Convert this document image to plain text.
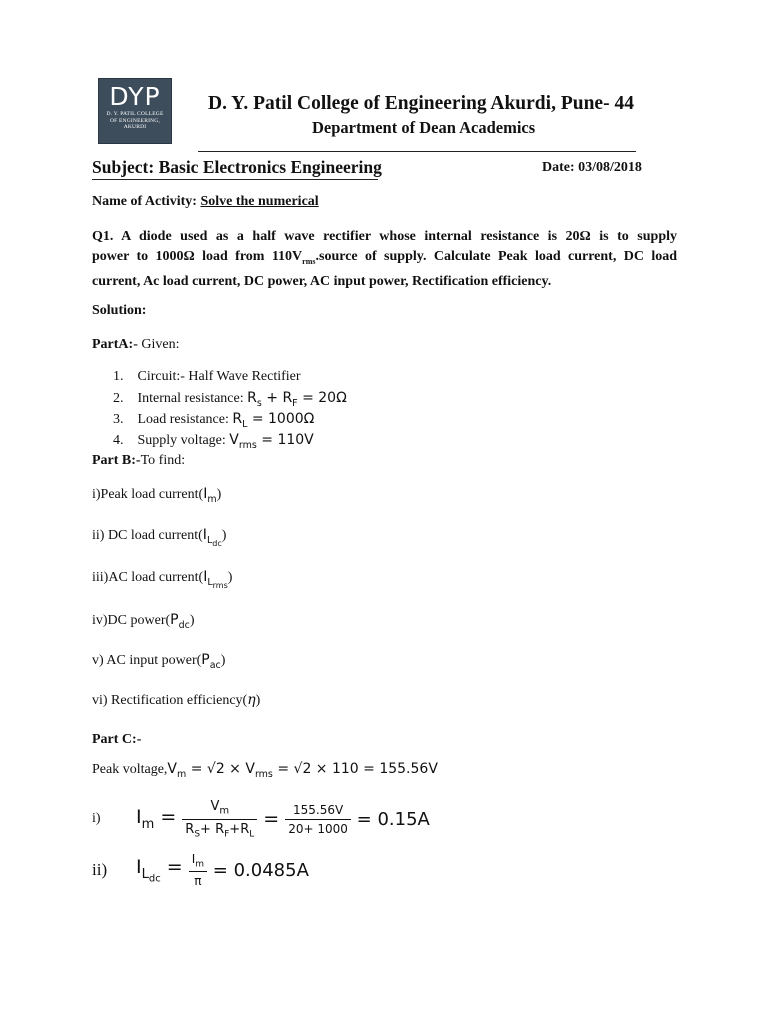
DYP
D. Y. PATIL COLLEGE
OF ENGINEERING,
AKURDI
D. Y. Patil College of Engineering Akurdi, Pune- 44
Department of Dean Academics
Subject: Basic Electronics Engineering	Date: 03/08/2018
Name of Activity: Solve the numerical
Q1. A diode used as a half wave rectifier whose internal resistance is 20Ω is to supply
power to 1000Ω load from $110V_{rms}.source$ of supply. Calculate Peak load current, DC load
current, Ac load current, DC power, AC input power, Rectification efficiency.
Solution:
PartA:- Given:
1. Circuit:- Half Wave Rectifier
2. Internal resistance: $R_s + R_F = 20\Omega$
3. Load resistance: $R_L = 1000\Omega$
4. Supply voltage: $V_{rms} = 110V$
Part B:-To find:
i)Peak load $current(I_m)$
ii) DC load $current(I_{L_{dc}})$
iii)AC load $current(I_{L_{rms}})$
iv)DC $power(P_{dc})$
v) AC input $power(P_{ac})$
vi) Rectification efficiency(η)
Part C:-
Peak $voltage,V_m = √2 \times V_{rms} = √2 \times 110 = 155.56V$
i)	$I_m = \frac{V_m}{R_S+ R_F+R_L} = \frac{155.56V}{20+ 1000}$
= 0.15A
ii)	$I_{L_{dc}} = \frac{I_m}{\pi}$
= 0.0485A
